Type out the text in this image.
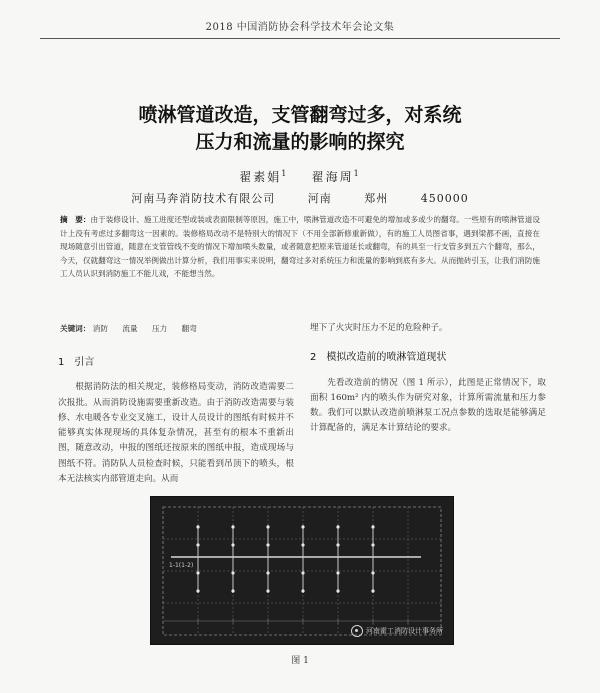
2018 中国消防协会科学技术年会论文集
喷淋管道改造，支管翻弯过多，对系统
压力和流量的影响的探究
翟素娟$^1$ 翟海周$^1$
河南马奔消防技术有限公司	河南	郑州	450000
摘　要：由于装修设计、施工进度还型或装或表面限制等原因，施工中，喷淋管道改造不可避免的增加或多或少的翻弯。一些原有的喷淋管道设计上没有考虑过多翻弯这一因素的。装修格局改动不是特别大的情况下（不用全部新修重新做），有的施工人员图省事，遇到梁都不画，直接在现场随意引出管道，随意在支管管线不变的情况下增加喷头数量，或者随意把原来管道延长或翻弯，有的具至一行支管多到五六个翻弯，那么，今天，仅就翻弯这一情况举例做出计算分析，我们用事实来说明，翻弯过多对系统压力和流量的影响到底有多大。从而抛砖引玉，让我们消防施工人员认识到消防施工不能儿戏，不能想当然。
关键词： 消防 流量 压力 翻弯
1 引言

根据消防法的相关规定，装修格局变动，消防改造需要二次报批。从而消防设施需要重新改造。由于消防改造需要与装修、水电暖各专业交叉施工，设计人员设计的图纸有时候并不能够真实体现现场的具体复杂情况，甚至有的根本不重新出图，随意改动，申报的图纸还按原来的图纸申报，造成现场与图纸不符。消防队人员检查时候，只能看到吊顶下的喷头，根本无法核实内部管道走向。从而

埋下了火灾时压力不足的危险种子。

2 模拟改造前的喷淋管道现状

先看改造前的情况（图 1 所示），此图是正常情况下，取面积 160m² 内的喷头作为研究对象，计算所需流量和压力参数。我们可以默认改造前喷淋泵工况点参数的选取是能够满足计算配备的，满足本计算结论的要求。

1-1(1-2)
河南霍工消防设计事务所
图 1
